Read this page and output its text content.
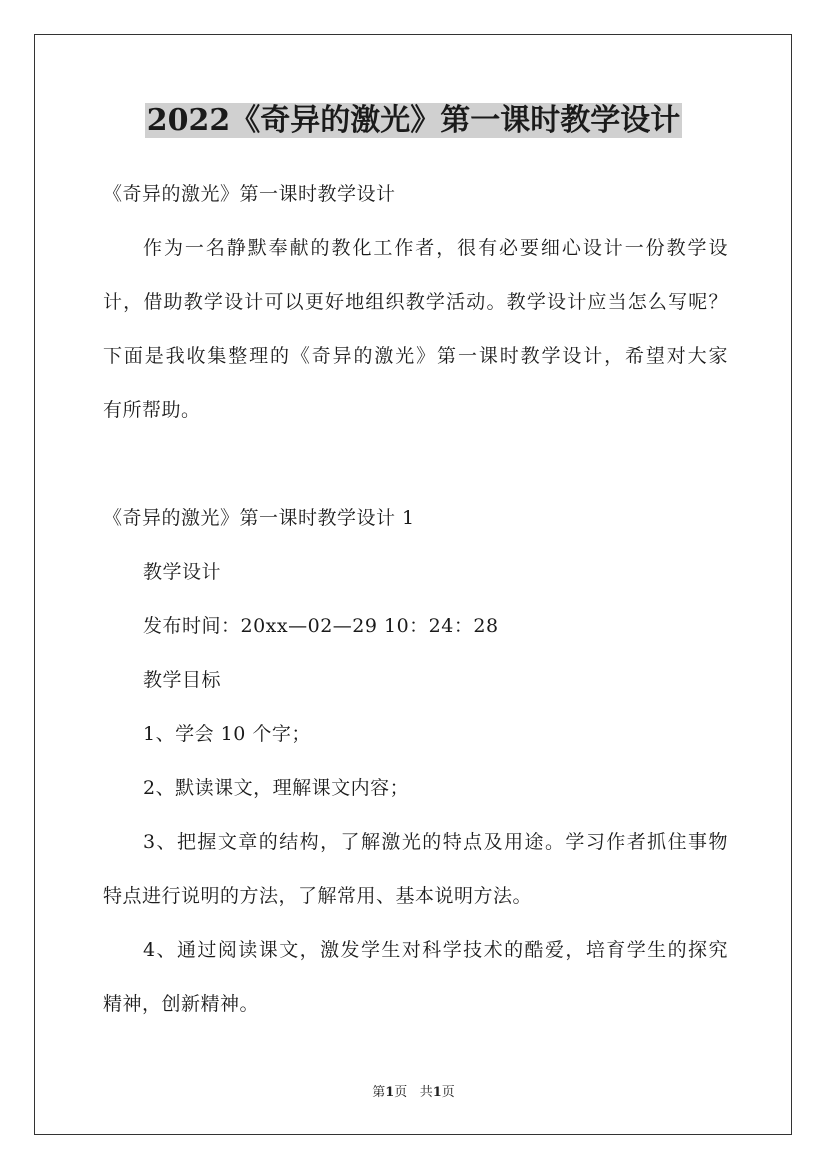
2022《奇异的激光》第一课时教学设计
《奇异的激光》第一课时教学设计
作为一名静默奉献的教化工作者，很有必要细心设计一份教学设
计，借助教学设计可以更好地组织教学活动。教学设计应当怎么写呢？
下面是我收集整理的《奇异的激光》第一课时教学设计，希望对大家
有所帮助。
《奇异的激光》第一课时教学设计 1
教学设计
发布时间：20xx—02—29 10：24：28
教学目标
1、学会 10 个字；
2、默读课文，理解课文内容；
3、把握文章的结构，了解激光的特点及用途。学习作者抓住事物
特点进行说明的方法，了解常用、基本说明方法。
4、通过阅读课文，激发学生对科学技术的酷爱，培育学生的探究
精神，创新精神。
第1页 共1页
